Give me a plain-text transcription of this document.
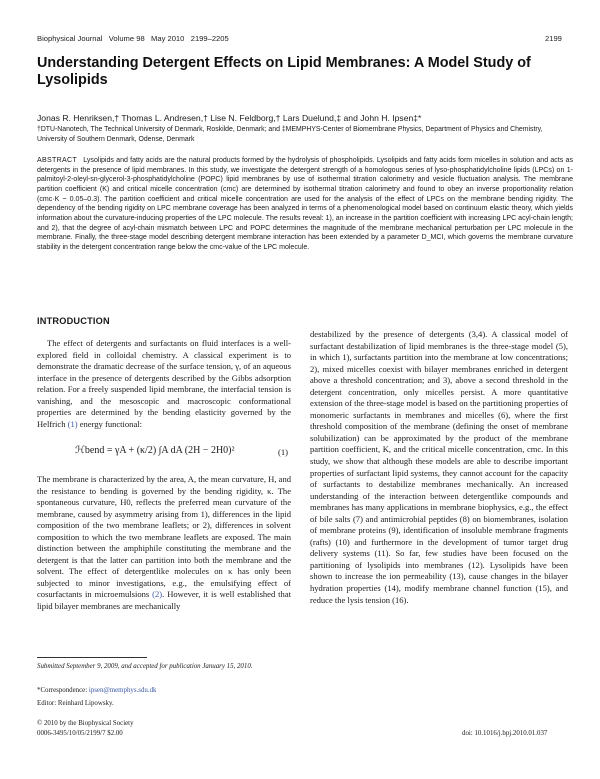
Biophysical Journal Volume 98 May 2010 2199–2205	2199
Understanding Detergent Effects on Lipid Membranes: A Model Study of Lysolipids
Jonas R. Henriksen,† Thomas L. Andresen,† Lise N. Feldborg,† Lars Duelund,‡ and John H. Ipsen‡*
†DTU-Nanotech, The Technical University of Denmark, Roskilde, Denmark; and ‡MEMPHYS-Center of Biomembrane Physics, Department of Physics and Chemistry, University of Southern Denmark, Odense, Denmark
ABSTRACT Lysolipids and fatty acids are the natural products formed by the hydrolysis of phospholipids. Lysolipids and fatty acids form micelles in solution and acts as detergents in the presence of lipid membranes. In this study, we investigate the detergent strength of a homologous series of lyso-phosphatidylcholine lipids (LPCs) on 1-palmitoyl-2-oleyl-sn-glycerol-3-phosphatidylcholine (POPC) lipid membranes by use of isothermal titration calorimetry and vesicle fluctuation analysis. The membrane partition coefficient (K) and critical micelle concentration (cmc) are determined by isothermal titration calorimetry and found to obey an inverse proportionality relation (cmc·K ~ 0.05–0.3). The partition coefficient and critical micelle concentration are used for the analysis of the effect of LPCs on the membrane bending rigidity. The dependency of the bending rigidity on LPC membrane coverage has been analyzed in terms of a phenomenological model based on continuum elastic theory, which yields information about the curvature-inducing properties of the LPC molecule. The results reveal: 1), an increase in the partition coefficient with increasing LPC acyl-chain length; and 2), that the degree of acyl-chain mismatch between LPC and POPC determines the magnitude of the membrane mechanical perturbation per LPC molecule in the membrane. Finally, the three-stage model describing detergent membrane interaction has been extended by a parameter D_MCI, which governs the membrane curvature stability in the detergent concentration range below the cmc-value of the LPC molecule.
INTRODUCTION

The effect of detergents and surfactants on fluid interfaces is a well-explored field in colloidal chemistry. A classical experiment is to demonstrate the dramatic decrease of the surface tension, γ, of an aqueous interface in the presence of detergents described by the Gibbs adsorption relation. For a freely suspended lipid membrane, the interfacial tension is vanishing, and the mesoscopic and macroscopic conformational properties are determined by the bending elasticity governed by the Helfrich (1) energy functional:

ℋbend = γA + (κ/2) ∫A dA (2H − 2H0)²	(1)

The membrane is characterized by the area, A, the mean curvature, H, and the resistance to bending is governed by the bending rigidity, κ. The spontaneous curvature, H0, reflects the preferred mean curvature of the membrane, caused by asymmetry arising from 1), differences in the lipid composition of the two membrane leaflets; or 2), differences in solvent composition to which the two membrane leaflets are exposed. The main distinction between the amphiphile constituting the membrane and the detergent is that the latter can partition into both the membrane and the solvent. The effect of detergentlike molecules on κ has only been subjected to minor investigations, e.g., the emulsifying effect of cosurfactants in microemulsions (2). However, it is well established that lipid bilayer membranes are mechanically

destabilized by the presence of detergents (3,4). A classical model of surfactant destabilization of lipid membranes is the three-stage model (5), in which 1), surfactants partition into the membrane at low concentrations; 2), mixed micelles coexist with bilayer membranes enriched in detergent above a threshold concentration; and 3), above a second threshold in the detergent concentration, only micelles persist. A more quantitative extension of the three-stage model is based on the partitioning properties of monomeric surfactants in membranes and micelles (6), where the first threshold composition of the membrane (defining the onset of membrane solubilization) can be approximated by the product of the membrane partition coefficient, K, and the critical micelle concentration, cmc. In this study, we show that although these models are able to describe important properties of surfactant lipid systems, they cannot account for the capacity of surfactants to destabilize membranes mechanically. An increased understanding of the interaction between detergentlike compounds and membranes has many applications in membrane biophysics, e.g., the effect of bile salts (7) and antimicrobial peptides (8) on biomembranes, isolation of membrane proteins (9), identification of insoluble membrane fragments (rafts) (10) and furthermore in the development of tumor target drug delivery systems (11). So far, few studies have been focused on the partitioning of lysolipids into membranes (12). Lysolipids have been shown to increase the ion permeability (13), cause changes in the bilayer hydration properties (14), modify membrane channel function (15), and reduce the lysis tension (16).

Submitted September 9, 2009, and accepted for publication January 15, 2010.
*Correspondence: ipsen@memphys.sdu.dk
Editor: Reinhard Lipowsky.
© 2010 by the Biophysical Society
0006-3495/10/05/2199/7 $2.00	doi: 10.1016/j.bpj.2010.01.037
